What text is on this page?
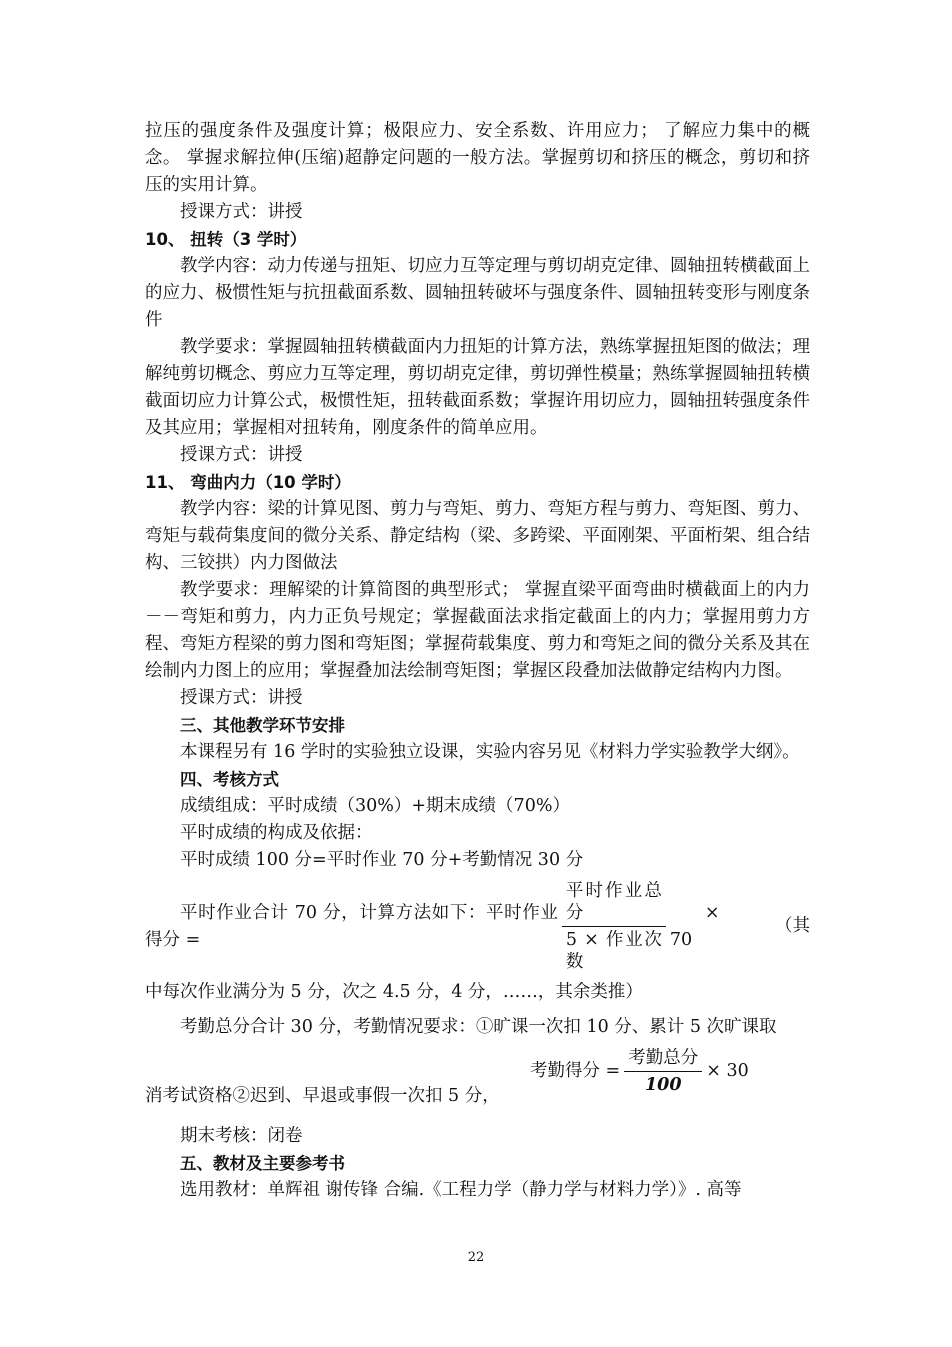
拉压的强度条件及强度计算；极限应力、安全系数、许用应力； 了解应力集中的概念。 掌握求解拉伸(压缩)超静定问题的一般方法。掌握剪切和挤压的概念，剪切和挤压的实用计算。

授课方式：讲授

10、 扭转（3 学时）

教学内容：动力传递与扭矩、切应力互等定理与剪切胡克定律、圆轴扭转横截面上的应力、极惯性矩与抗扭截面系数、圆轴扭转破坏与强度条件、圆轴扭转变形与刚度条件

教学要求：掌握圆轴扭转横截面内力扭矩的计算方法，熟练掌握扭矩图的做法；理解纯剪切概念、剪应力互等定理，剪切胡克定律，剪切弹性模量；熟练掌握圆轴扭转横截面切应力计算公式，极惯性矩，扭转截面系数；掌握许用切应力，圆轴扭转强度条件及其应用；掌握相对扭转角，刚度条件的简单应用。

授课方式：讲授

11、 弯曲内力（10 学时）

教学内容：梁的计算见图、剪力与弯矩、剪力、弯矩方程与剪力、弯矩图、剪力、弯矩与载荷集度间的微分关系、静定结构（梁、多跨梁、平面刚架、平面桁架、组合结构、三铰拱）内力图做法

教学要求：理解梁的计算简图的典型形式； 掌握直梁平面弯曲时横截面上的内力－－弯矩和剪力，内力正负号规定；掌握截面法求指定截面上的内力；掌握用剪力方程、弯矩方程梁的剪力图和弯矩图；掌握荷载集度、剪力和弯矩之间的微分关系及其在绘制内力图上的应用；掌握叠加法绘制弯矩图；掌握区段叠加法做静定结构内力图。

授课方式：讲授

三、其他教学环节安排

本课程另有 16 学时的实验独立设课，实验内容另见《材料力学实验教学大纲》。

四、考核方式

成绩组成：平时成绩（30%）+期末成绩（70%）

平时成绩的构成及依据：

平时成绩 100 分=平时作业 70 分+考勤情况 30 分

平时作业合计 70 分，计算方法如下：平时作业得分 =	$\frac{\text{平时作业总分}}{\text{5 × 作业次数}}$	× 70
（其

中每次作业满分为 5 分，次之 4.5 分，4 分，……，其余类推）

考勤总分合计 30 分，考勤情况要求：①旷课一次扣 10 分、累计 5 次旷课取

消考试资格②迟到、早退或事假一次扣 5 分，
考勤得分 = $\frac{\text{考勤总分}}{100} \times 30$

期末考核：闭卷

五、教材及主要参考书

选用教材：单辉祖 谢传锋 合编.《工程力学（静力学与材料力学）》. 高等

22
